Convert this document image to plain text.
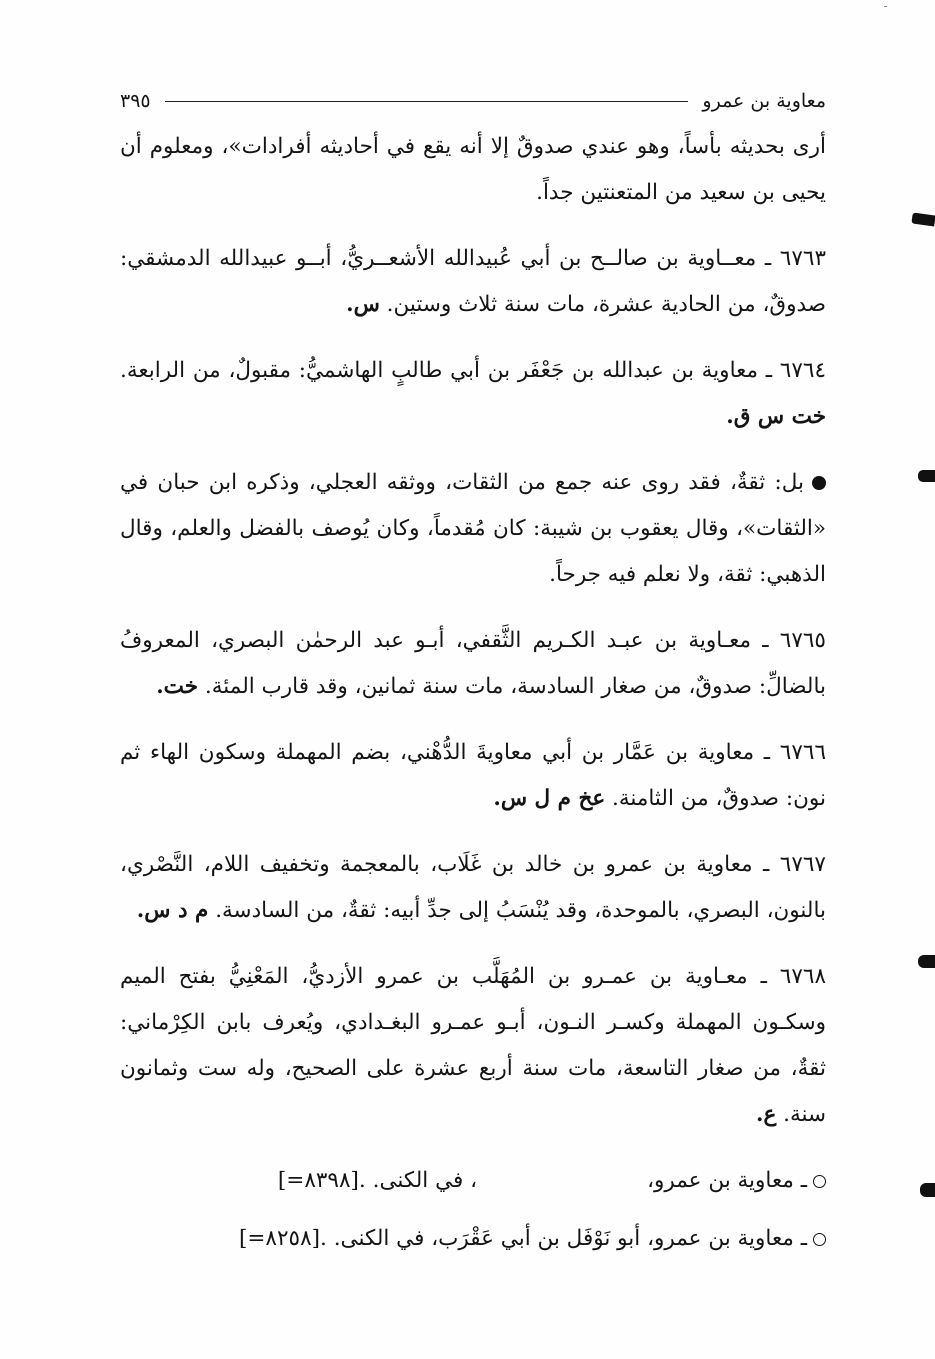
معاوية بن عمرو
٣٩٥

أرى بحديثه بأساً، وهو عندي صدوقٌ إلا أنه يقع في أحاديثه أفرادات»، ومعلوم أن يحيى بن سعيد من المتعنتين جداً.

٦٧٦٣ ـ معــاوية بن صالــح بن أبي عُبيدالله الأشعــريُّ، أبــو عبيدالله الدمشقي: صدوقٌ، من الحادية عشرة، مات سنة ثلاث وستين. س.

٦٧٦٤ ـ معاوية بن عبدالله بن جَعْفَر بن أبي طالبٍ الهاشميُّ: مقبولٌ، من الرابعة. خت س ق.

بل: ثقةٌ، فقد روى عنه جمع من الثقات، ووثقه العجلي، وذكره ابن حبان في «الثقات»، وقال يعقوب بن شيبة: كان مُقدماً، وكان يُوصف بالفضل والعلم، وقال الذهبي: ثقة، ولا نعلم فيه جرحاً.

٦٧٦٥ ـ معـاوية بن عبـد الكـريم الثَّقفي، أبـو عبد الرحمٰن البصري، المعروفُ بالضالِّ: صدوقٌ، من صغار السادسة، مات سنة ثمانين، وقد قارب المئة. خت.

٦٧٦٦ ـ معاوية بن عَمَّار بن أبي معاويةَ الدُّهْني، بضم المهملة وسكون الهاء ثم نون: صدوقٌ، من الثامنة. عخ م ل س.

٦٧٦٧ ـ معاوية بن عمرو بن خالد بن غَلَاب، بالمعجمة وتخفيف اللام، النَّصْري، بالنون، البصري، بالموحدة، وقد يُنْسَبُ إلى جدِّ أبيه: ثقةٌ، من السادسة. م د س.

٦٧٦٨ ـ معـاوية بن عمـرو بن المُهَلَّب بن عمرو الأزديُّ، المَعْنِيُّ بفتح الميم وسكـون المهملة وكسـر النـون، أبـو عمـرو البغـدادي، ويُعرف بابن الكِرْماني: ثقةٌ، من صغار التاسعة، مات سنة أربع عشرة على الصحيح، وله ست وثمانون سنة. ع.

ـ معاوية بن عمرو،
، في الكنى.

[=٨٣٩٨].
ـ معاوية بن عمرو، أبو نَوْفَل بن أبي عَقْرَب، في الكنى.

[=٨٢٥٨].
